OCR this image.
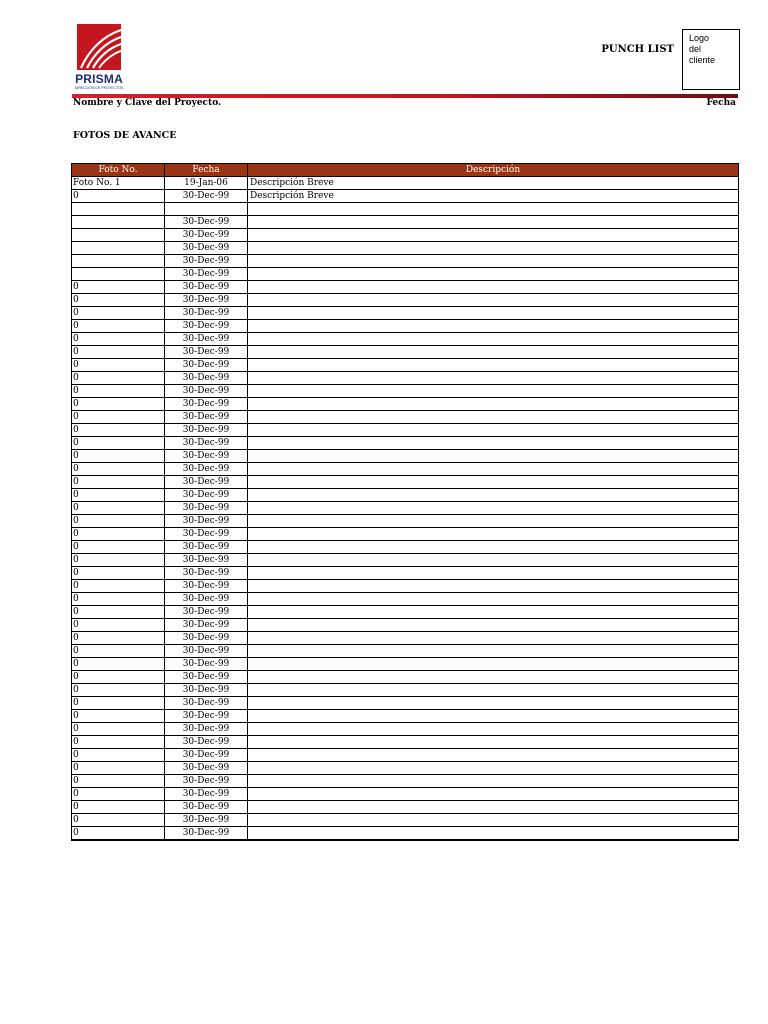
PRISMA
DIRECCIÓN DE PROYECTOS
PUNCH LIST
Logo
del
cliente
Nombre y Clave del Proyecto.	Fecha
FOTOS DE AVANCE
Foto No.	Fecha	Descripción
Foto No. 1	19-Jan-06	Descripción Breve
0	30-Dec-99	Descripción Breve

	30-Dec-99	
	30-Dec-99	
	30-Dec-99	
	30-Dec-99	
	30-Dec-99	
0	30-Dec-99	
0	30-Dec-99	
0	30-Dec-99	
0	30-Dec-99	
0	30-Dec-99	
0	30-Dec-99	
0	30-Dec-99	
0	30-Dec-99	
0	30-Dec-99	
0	30-Dec-99	
0	30-Dec-99	
0	30-Dec-99	
0	30-Dec-99	
0	30-Dec-99	
0	30-Dec-99	
0	30-Dec-99	
0	30-Dec-99	
0	30-Dec-99	
0	30-Dec-99	
0	30-Dec-99	
0	30-Dec-99	
0	30-Dec-99	
0	30-Dec-99	
0	30-Dec-99	
0	30-Dec-99	
0	30-Dec-99	
0	30-Dec-99	
0	30-Dec-99	
0	30-Dec-99	
0	30-Dec-99	
0	30-Dec-99	
0	30-Dec-99	
0	30-Dec-99	
0	30-Dec-99	
0	30-Dec-99	
0	30-Dec-99	
0	30-Dec-99	
0	30-Dec-99	
0	30-Dec-99	
0	30-Dec-99	
0	30-Dec-99	
0	30-Dec-99	
0	30-Dec-99	
